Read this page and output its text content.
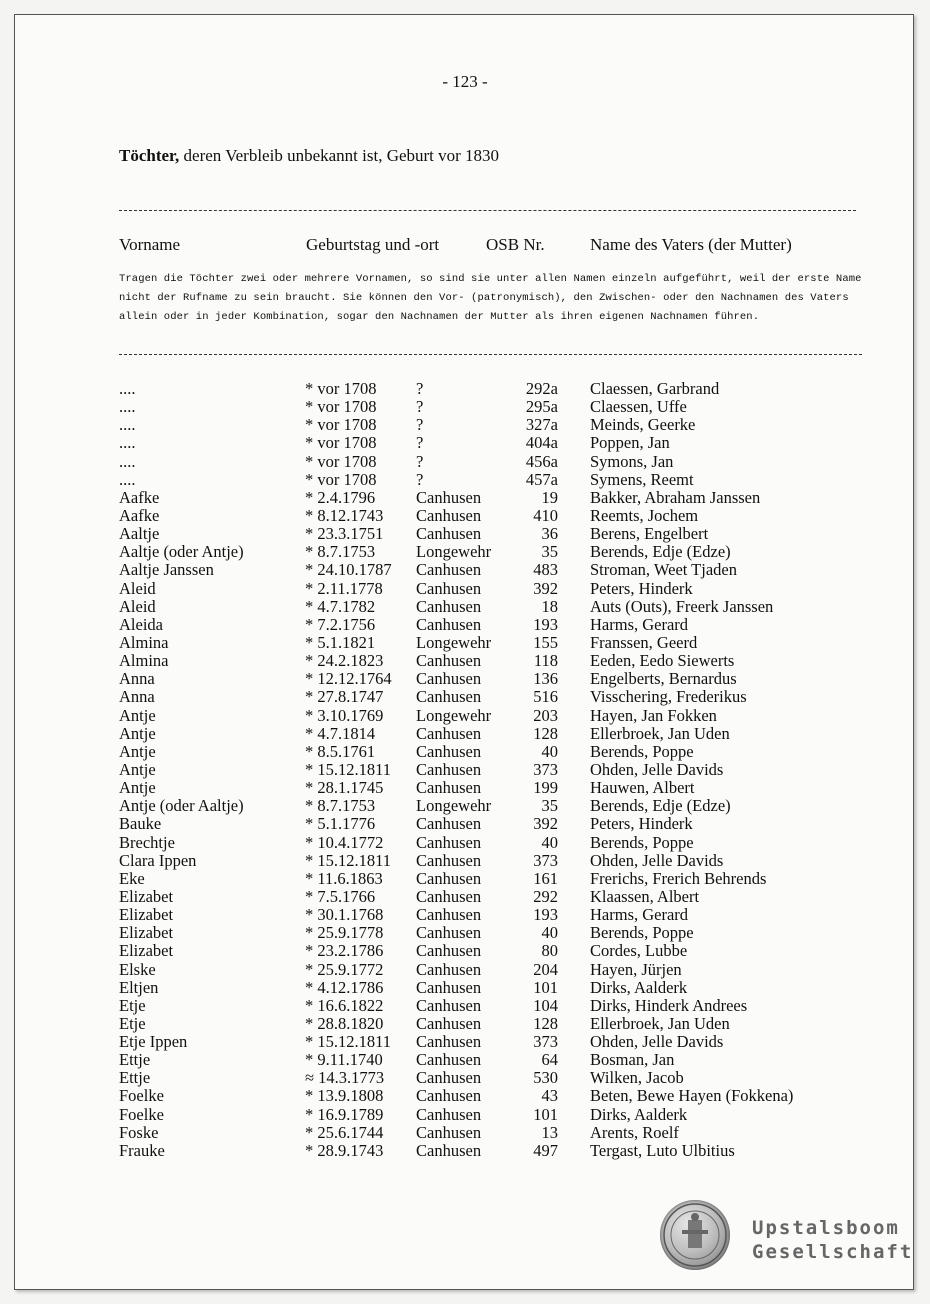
- 123 -
Töchter, deren Verbleib unbekannt ist, Geburt vor 1830
Vorname	Geburtstag und -ort	OSB Nr.	Name des Vaters (der Mutter)
Tragen die Töchter zwei oder mehrere Vornamen, so sind sie unter allen Namen einzeln aufgeführt, weil der erste Name nicht der Rufname zu sein braucht. Sie können den Vor- (patronymisch), den Zwischen- oder den Nachnamen des Vaters allein oder in jeder Kombination, sogar den Nachnamen der Mutter als ihren eigenen Nachnamen führen.
....	* vor 1708 ?	292a Claessen, Garbrand
....	* vor 1708 ?	295a Claessen, Uffe
....	* vor 1708 ?	327a Meinds, Geerke
....	* vor 1708 ?	404a Poppen, Jan
....	* vor 1708 ?	456a Symons, Jan
....	* vor 1708 ?	457a Symens, Reemt
Aafke	* 2.4.1796 Canhusen	19 Bakker, Abraham Janssen
Aafke	* 8.12.1743 Canhusen	410 Reemts, Jochem
Aaltje	* 23.3.1751 Canhusen	36 Berens, Engelbert
Aaltje (oder Antje)	* 8.7.1753 Longewehr	35 Berends, Edje (Edze)
Aaltje Janssen	* 24.10.1787 Canhusen	483 Stroman, Weet Tjaden
Aleid	* 2.11.1778 Canhusen	392 Peters, Hinderk
Aleid	* 4.7.1782 Canhusen	18 Auts (Outs), Freerk Janssen
Aleida	* 7.2.1756 Canhusen	193 Harms, Gerard
Almina	* 5.1.1821 Longewehr	155 Franssen, Geerd
Almina	* 24.2.1823 Canhusen	118 Eeden, Eedo Siewerts
Anna	* 12.12.1764 Canhusen	136 Engelberts, Bernardus
Anna	* 27.8.1747 Canhusen	516 Visschering, Frederikus
Antje	* 3.10.1769 Longewehr	203 Hayen, Jan Fokken
Antje	* 4.7.1814 Canhusen	128 Ellerbroek, Jan Uden
Antje	* 8.5.1761 Canhusen	40 Berends, Poppe
Antje	* 15.12.1811 Canhusen	373 Ohden, Jelle Davids
Antje	* 28.1.1745 Canhusen	199 Hauwen, Albert
Antje (oder Aaltje)	* 8.7.1753 Longewehr	35 Berends, Edje (Edze)
Bauke	* 5.1.1776 Canhusen	392 Peters, Hinderk
Brechtje	* 10.4.1772 Canhusen	40 Berends, Poppe
Clara Ippen	* 15.12.1811 Canhusen	373 Ohden, Jelle Davids
Eke	* 11.6.1863 Canhusen	161 Frerichs, Frerich Behrends
Elizabet	* 7.5.1766 Canhusen	292 Klaassen, Albert
Elizabet	* 30.1.1768 Canhusen	193 Harms, Gerard
Elizabet	* 25.9.1778 Canhusen	40 Berends, Poppe
Elizabet	* 23.2.1786 Canhusen	80 Cordes, Lubbe
Elske	* 25.9.1772 Canhusen	204 Hayen, Jürjen
Eltjen	* 4.12.1786 Canhusen	101 Dirks, Aalderk
Etje	* 16.6.1822 Canhusen	104 Dirks, Hinderk Andrees
Etje	* 28.8.1820 Canhusen	128 Ellerbroek, Jan Uden
Etje Ippen	* 15.12.1811 Canhusen	373 Ohden, Jelle Davids
Ettje	* 9.11.1740 Canhusen	64 Bosman, Jan
Ettje	≈ 14.3.1773 Canhusen	530 Wilken, Jacob
Foelke	* 13.9.1808 Canhusen	43 Beten, Bewe Hayen (Fokkena)
Foelke	* 16.9.1789 Canhusen	101 Dirks, Aalderk
Foske	* 25.6.1744 Canhusen	13 Arents, Roelf
Frauke	* 28.9.1743 Canhusen	497 Tergast, Luto Ulbitius
Upstalsboom
Gesellschaft
